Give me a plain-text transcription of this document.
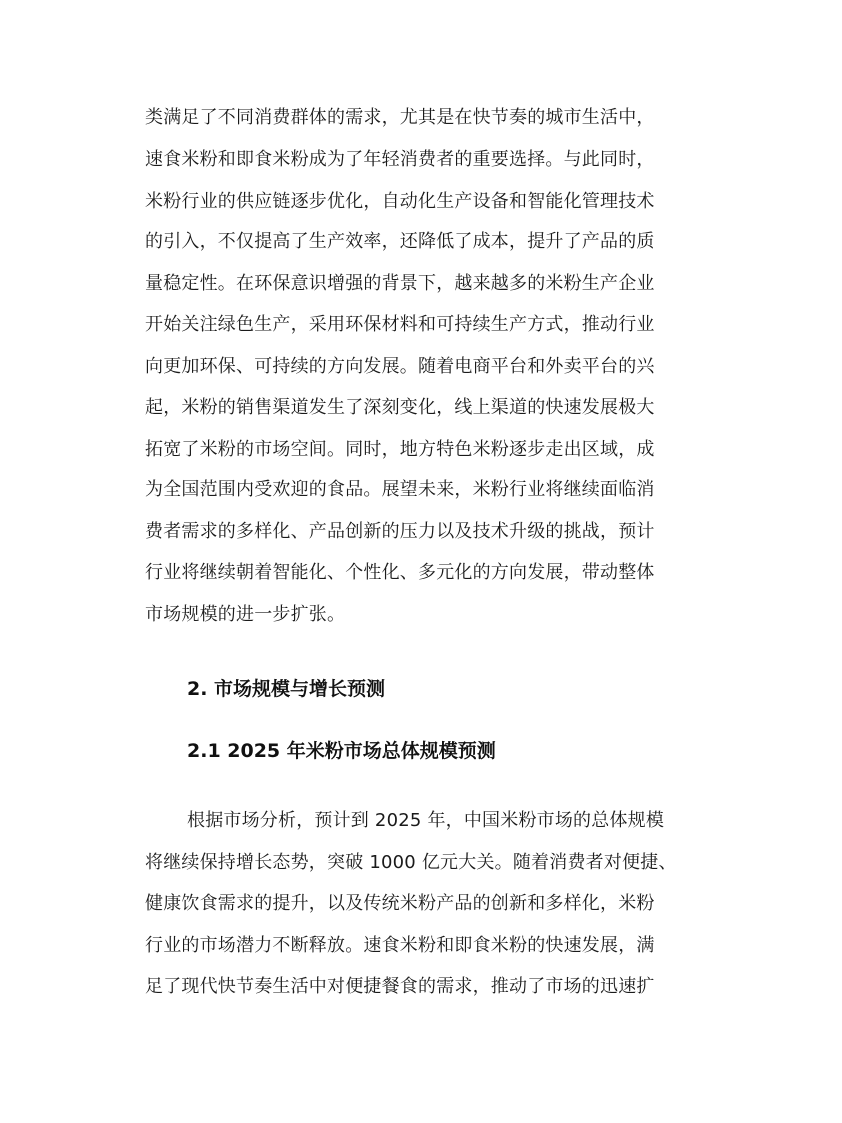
类满足了不同消费群体的需求，尤其是在快节奏的城市生活中，
速食米粉和即食米粉成为了年轻消费者的重要选择。与此同时，
米粉行业的供应链逐步优化，自动化生产设备和智能化管理技术
的引入，不仅提高了生产效率，还降低了成本，提升了产品的质
量稳定性。在环保意识增强的背景下，越来越多的米粉生产企业
开始关注绿色生产，采用环保材料和可持续生产方式，推动行业
向更加环保、可持续的方向发展。随着电商平台和外卖平台的兴
起，米粉的销售渠道发生了深刻变化，线上渠道的快速发展极大
拓宽了米粉的市场空间。同时，地方特色米粉逐步走出区域，成
为全国范围内受欢迎的食品。展望未来，米粉行业将继续面临消
费者需求的多样化、产品创新的压力以及技术升级的挑战，预计
行业将继续朝着智能化、个性化、多元化的方向发展，带动整体
市场规模的进一步扩张。
2. 市场规模与增长预测
2.1 2025 年米粉市场总体规模预测
根据市场分析，预计到 2025 年，中国米粉市场的总体规模
将继续保持增长态势，突破 1000 亿元大关。随着消费者对便捷、
健康饮食需求的提升，以及传统米粉产品的创新和多样化，米粉
行业的市场潜力不断释放。速食米粉和即食米粉的快速发展，满
足了现代快节奏生活中对便捷餐食的需求，推动了市场的迅速扩
